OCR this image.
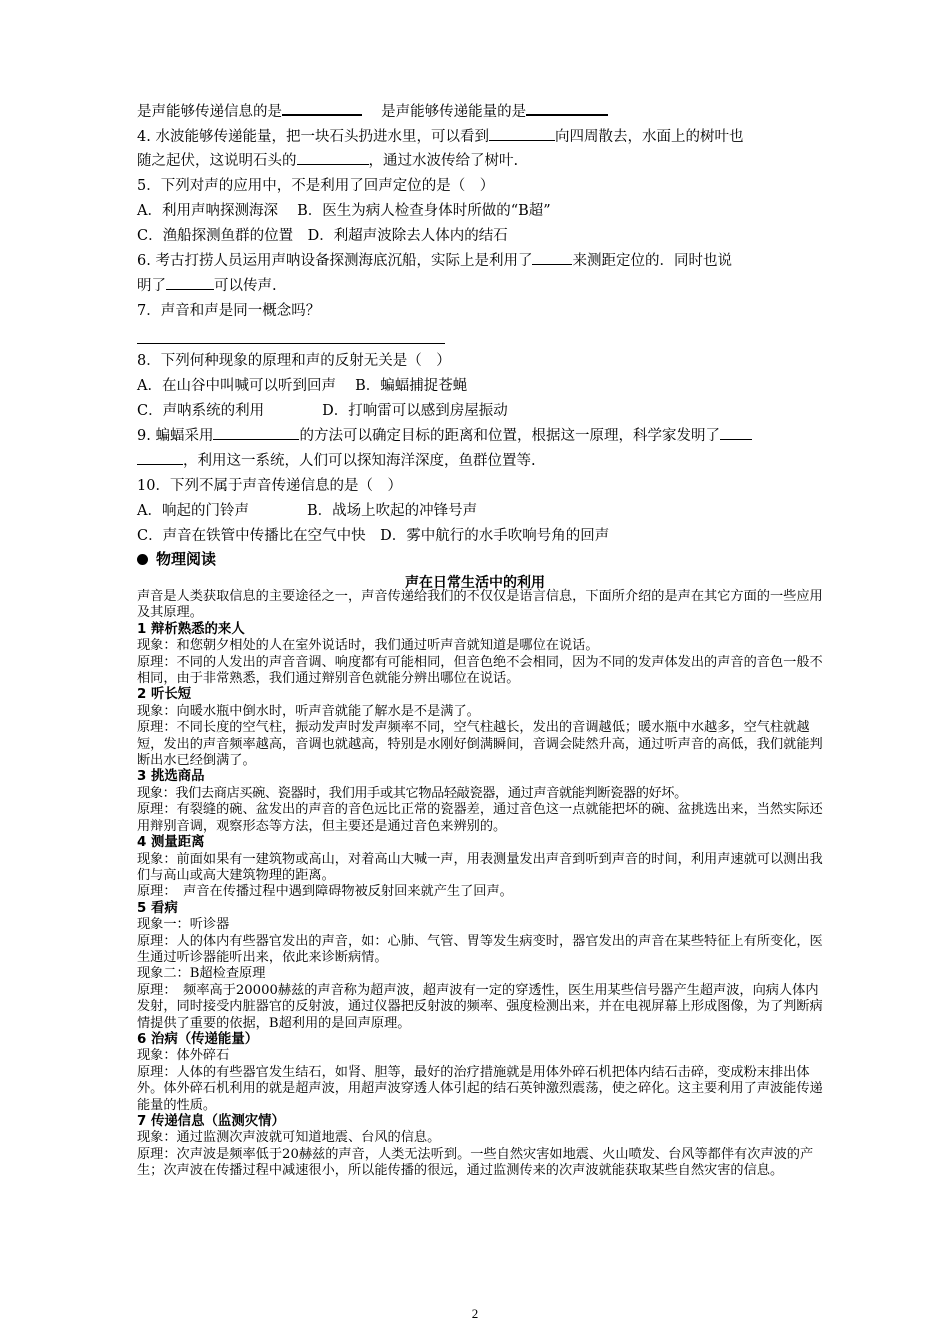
是声能够传递信息的是　	是声能够传递能量的是
4. 水波能够传递能量，把一块石头扔进水里，可以看到	向四周散去，水面上的树叶也
随之起伏，这说明石头的	，通过水波传给了树叶.
5．下列对声的应用中，不是利用了回声定位的是（　）
A．利用声呐探测海深　 B．医生为病人检查身体时所做的“B超”
C．渔船探测鱼群的位置　D．利超声波除去人体内的结石
6. 考古打捞人员运用声呐设备探测海底沉船，实际上是利用了	来测距定位的．同时也说
明了	可以传声.
7．声音和声是同一概念吗？
8．下列何种现象的原理和声的反射无关是（　）
A．在山谷中叫喊可以听到回声　 B．蝙蝠捕捉苍蝇
C．声呐系统的利用　　　　D．打响雷可以感到房屋振动
9. 蝙蝠采用	的方法可以确定目标的距离和位置，根据这一原理，科学家发明了
，利用这一系统，人们可以探知海洋深度，鱼群位置等.
10．下列不属于声音传递信息的是（　）
A．响起的门铃声　　　　B．战场上吹起的冲锋号声
C．声音在铁管中传播比在空气中快　D．雾中航行的水手吹响号角的回声
物理阅读
声在日常生活中的利用

声音是人类获取信息的主要途径之一，声音传递给我们的不仅仅是语言信息，下面所介绍的是声在其它方面的一些应用及其原理。

1 辩析熟悉的来人

现象：和您朝夕相处的人在室外说话时，我们通过听声音就知道是哪位在说话。

原理：不同的人发出的声音音调、响度都有可能相同，但音色绝不会相同，因为不同的发声体发出的声音的音色一般不相同，由于非常熟悉，我们通过辩别音色就能分辨出哪位在说话。

2 听长短

现象：向暖水瓶中倒水时，听声音就能了解水是不是满了。

原理：不同长度的空气柱，振动发声时发声频率不同，空气柱越长，发出的音调越低；暖水瓶中水越多，空气柱就越短，发出的声音频率越高，音调也就越高，特别是水刚好倒满瞬间，音调会陡然升高，通过听声音的高低，我们就能判断出水已经倒满了。

3 挑选商品

现象：我们去商店买碗、瓷器时，我们用手或其它物品轻敲瓷器，通过声音就能判断瓷器的好坏。

原理：有裂缝的碗、盆发出的声音的音色远比正常的瓷器差，通过音色这一点就能把坏的碗、盆挑选出来，当然实际还用辩别音调，观察形态等方法，但主要还是通过音色来辨别的。

4 测量距离

现象：前面如果有一建筑物或高山，对着高山大喊一声，用表测量发出声音到听到声音的时间，利用声速就可以测出我们与高山或高大建筑物理的距离。

原理：　声音在传播过程中遇到障碍物被反射回来就产生了回声。

5 看病

现象一：听诊器

原理：人的体内有些器官发出的声音，如：心肺、气管、胃等发生病变时，器官发出的声音在某些特征上有所变化，医生通过听诊器能听出来，依此来诊断病情。

现象二：B超检查原理

原理：　频率高于20000赫兹的声音称为超声波，超声波有一定的穿透性，医生用某些信号器产生超声波，向病人体内发射，同时接受内脏器官的反射波，通过仪器把反射波的频率、强度检测出来，并在电视屏幕上形成图像，为了判断病情提供了重要的依据，B超利用的是回声原理。

6 治病（传递能量）

现象：体外碎石

原理：人体的有些器官发生结石，如肾、胆等，最好的治疗措施就是用体外碎石机把体内结石击碎，变成粉末排出体外。体外碎石机利用的就是超声波，用超声波穿透人体引起的结石英钟激烈震荡，使之碎化。这主要利用了声波能传递能量的性质。

7 传递信息（监测灾情）

现象：通过监测次声波就可知道地震、台风的信息。

原理：次声波是频率低于20赫兹的声音，人类无法听到。一些自然灾害如地震、火山喷发、台风等都伴有次声波的产生；次声波在传播过程中减速很小，所以能传播的很远，通过监测传来的次声波就能获取某些自然灾害的信息。

2
